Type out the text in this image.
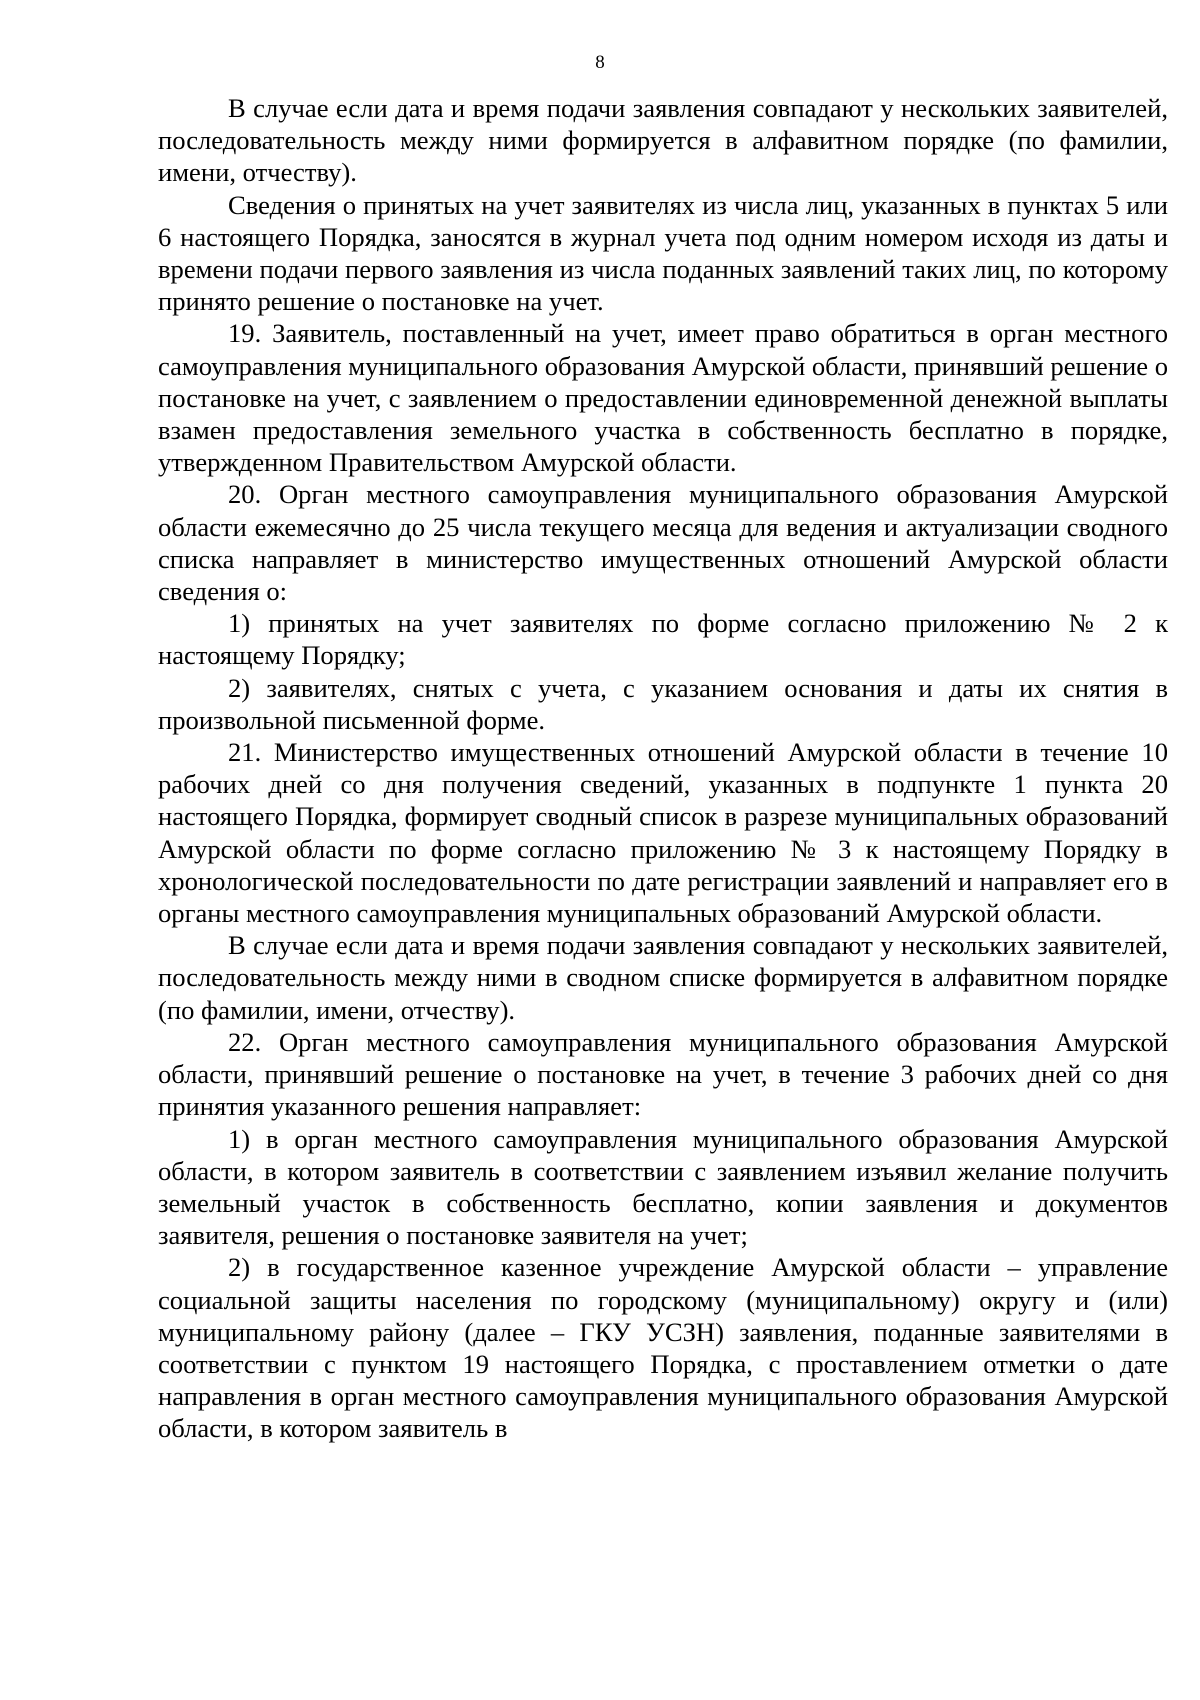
8

В случае если дата и время подачи заявления совпадают у нескольких заявителей, последовательность между ними формируется в алфавитном порядке (по фамилии, имени, отчеству).

Сведения о принятых на учет заявителях из числа лиц, указанных в пунктах 5 или 6 настоящего Порядка, заносятся в журнал учета под одним номером исходя из даты и времени подачи первого заявления из числа поданных заявлений таких лиц, по которому принято решение о постановке на учет.

19. Заявитель, поставленный на учет, имеет право обратиться в орган местного самоуправления муниципального образования Амурской области, принявший решение о постановке на учет, с заявлением о предоставлении единовременной денежной выплаты взамен предоставления земельного участка в собственность бесплатно в порядке, утвержденном Правительством Амурской области.

20. Орган местного самоуправления муниципального образования Амурской области ежемесячно до 25 числа текущего месяца для ведения и актуализации сводного списка направляет в министерство имущественных отношений Амурской области сведения о:

1) принятых на учет заявителях по форме согласно приложению № 2 к настоящему Порядку;

2) заявителях, снятых с учета, с указанием основания и даты их снятия в произвольной письменной форме.

21. Министерство имущественных отношений Амурской области в течение 10 рабочих дней со дня получения сведений, указанных в подпункте 1 пункта 20 настоящего Порядка, формирует сводный список в разрезе муниципальных образований Амурской области по форме согласно приложению № 3 к настоящему Порядку в хронологической последовательности по дате регистрации заявлений и направляет его в органы местного самоуправления муниципальных образований Амурской области.

В случае если дата и время подачи заявления совпадают у нескольких заявителей, последовательность между ними в сводном списке формируется в алфавитном порядке (по фамилии, имени, отчеству).

22. Орган местного самоуправления муниципального образования Амурской области, принявший решение о постановке на учет, в течение 3 рабочих дней со дня принятия указанного решения направляет:

1) в орган местного самоуправления муниципального образования Амурской области, в котором заявитель в соответствии с заявлением изъявил желание получить земельный участок в собственность бесплатно, копии заявления и документов заявителя, решения о постановке заявителя на учет;

2) в государственное казенное учреждение Амурской области – управление социальной защиты населения по городскому (муниципальному) округу и (или) муниципальному району (далее – ГКУ УСЗН) заявления, поданные заявителями в соответствии с пунктом 19 настоящего Порядка, с проставлением отметки о дате направления в орган местного самоуправления муниципального образования Амурской области, в котором заявитель в
